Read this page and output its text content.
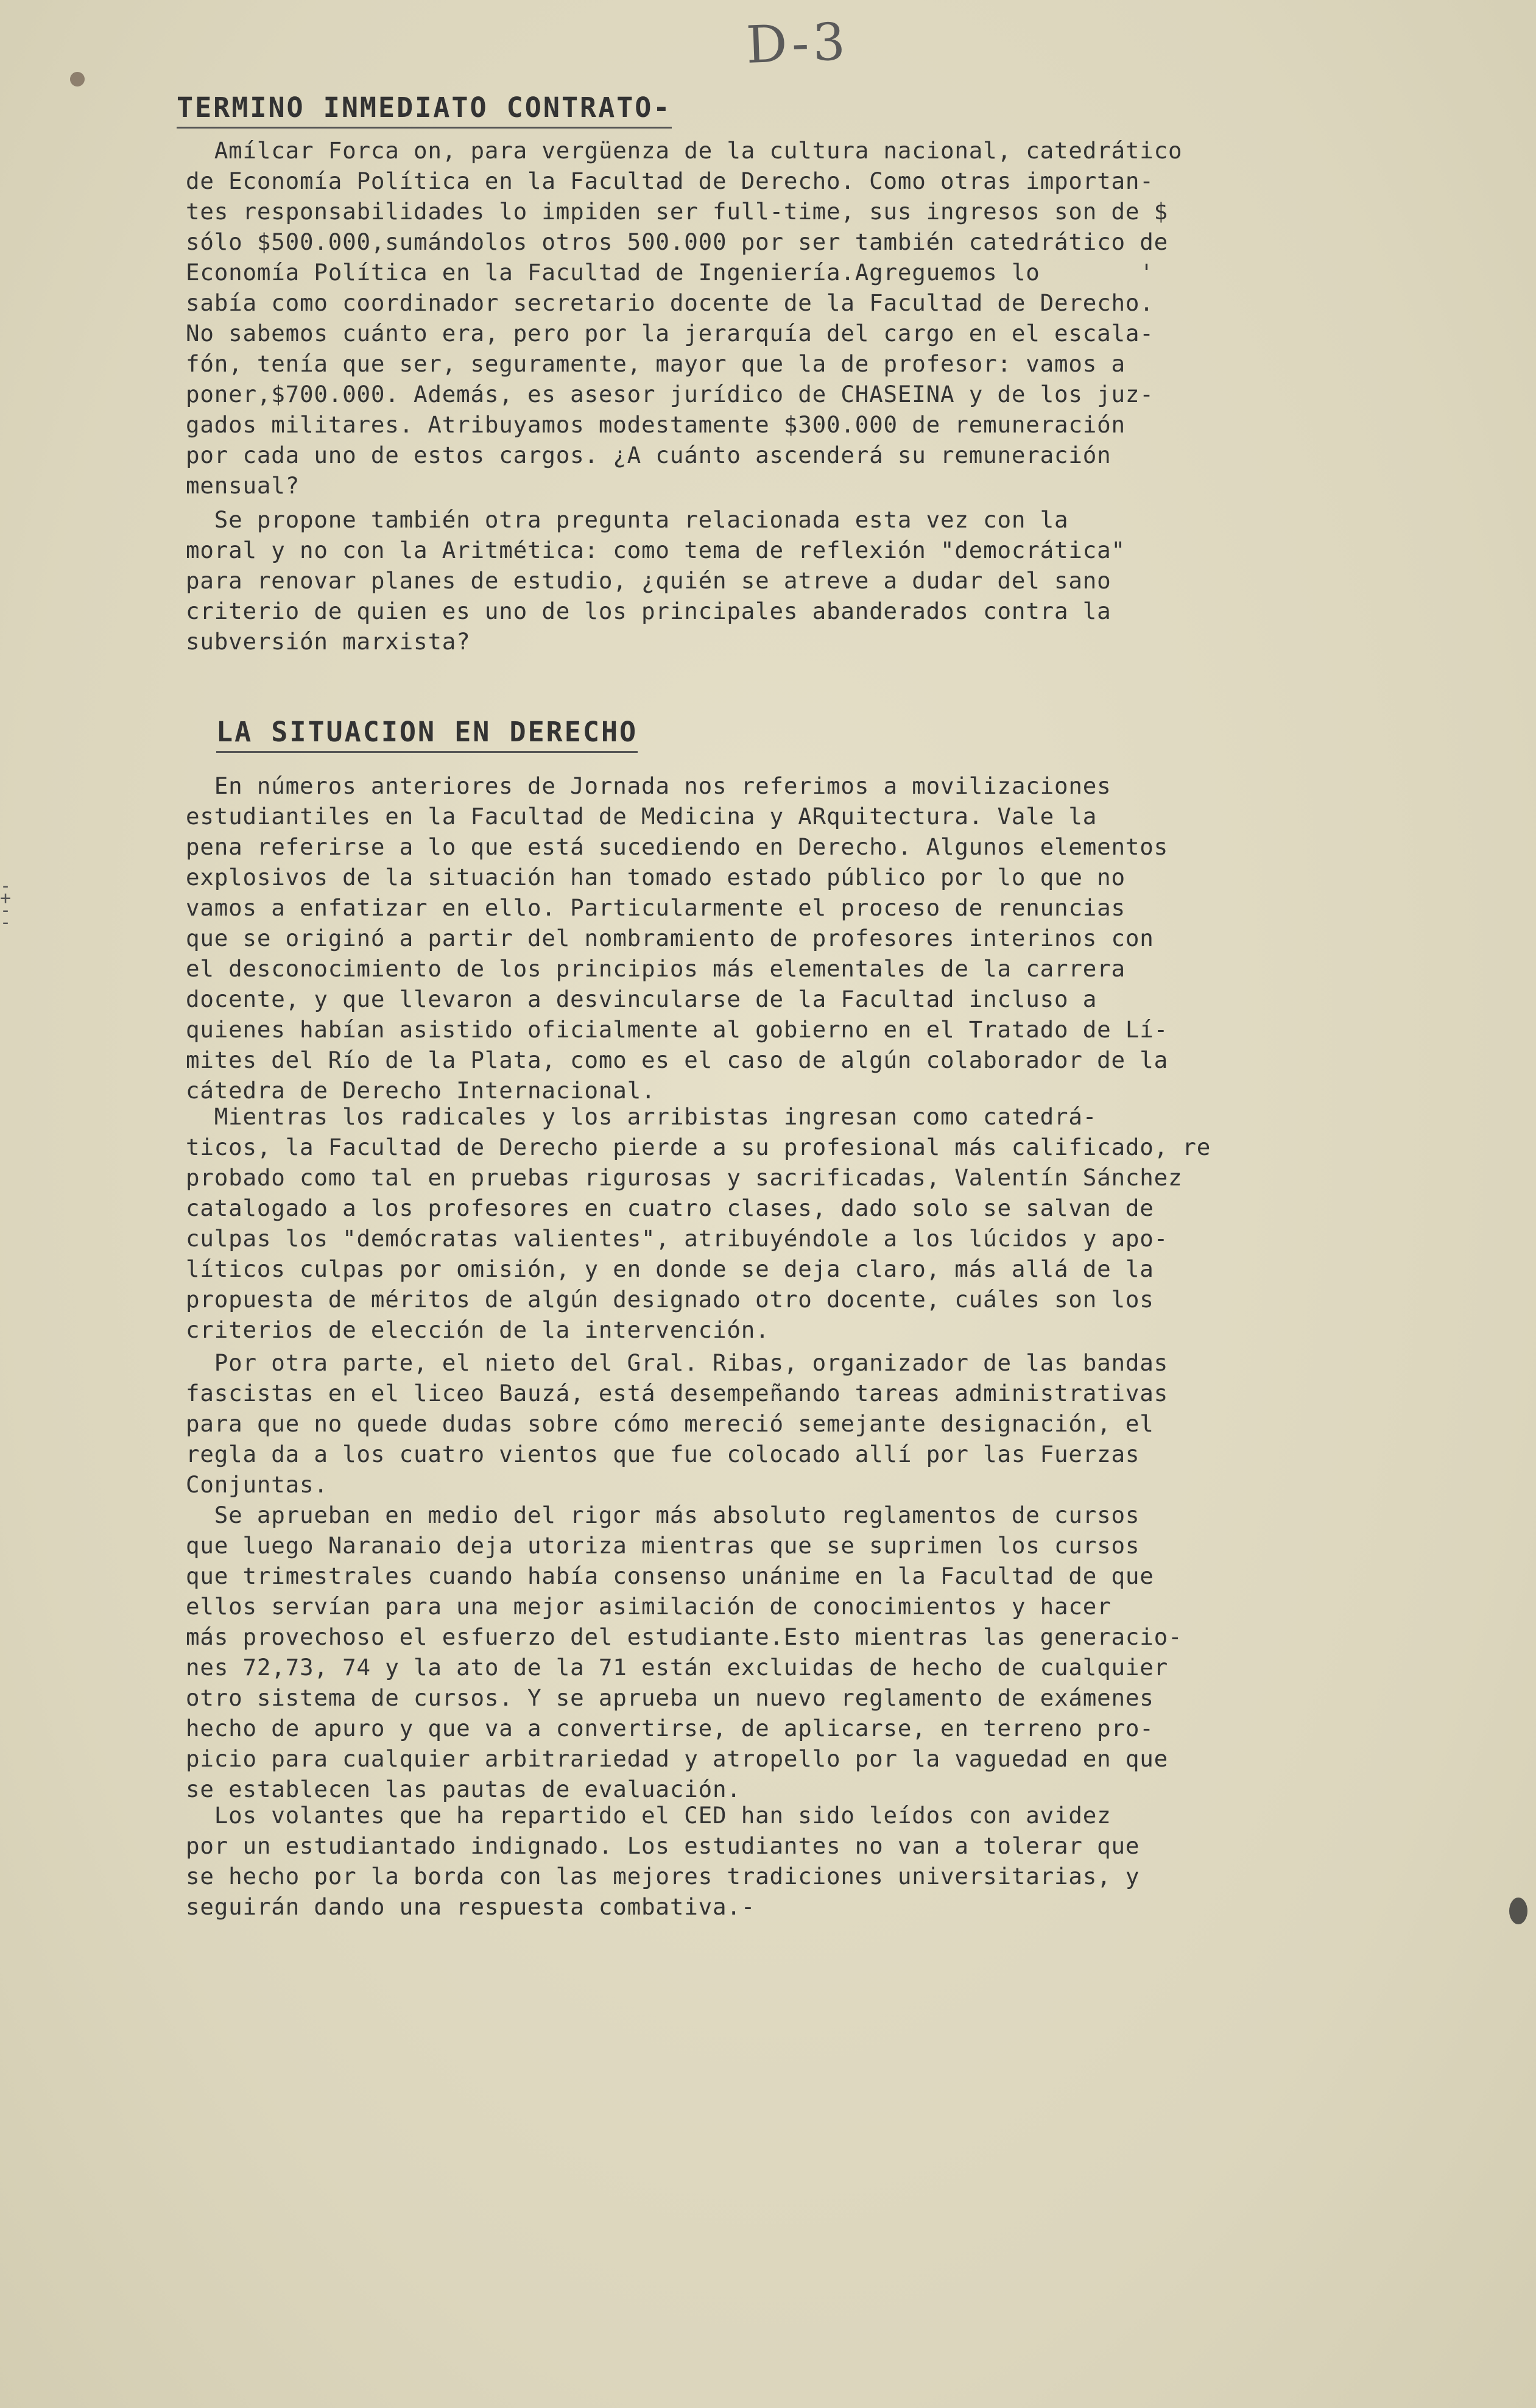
D-3
-
+
-
-
TERMINO INMEDIATO CONTRATO-

Amílcar Forca on, para vergüenza de la cultura nacional, catedrático
de Economía Política en la Facultad de Derecho. Como otras importan-
tes responsabilidades lo impiden ser full-time, sus ingresos son de $
sólo $500.000,sumándolos otros 500.000 por ser también catedrático de
Economía Política en la Facultad de Ingeniería.Agreguemos lo       '
sabía como coordinador secretario docente de la Facultad de Derecho.
No sabemos cuánto era, pero por la jerarquía del cargo en el escala-
fón, tenía que ser, seguramente, mayor que la de profesor: vamos a
poner,$700.000. Además, es asesor jurídico de CHASEINA y de los juz-
gados militares. Atribuyamos modestamente $300.000 de remuneración
por cada uno de estos cargos. ¿A cuánto ascenderá su remuneración
mensual?

Se propone también otra pregunta relacionada esta vez con la
moral y no con la Aritmética: como tema de reflexión "democrática"
para renovar planes de estudio, ¿quién se atreve a dudar del sano
criterio de quien es uno de los principales abanderados contra la
subversión marxista?

LA SITUACION EN DERECHO

En números anteriores de Jornada nos referimos a movilizaciones
estudiantiles en la Facultad de Medicina y ARquitectura. Vale la
pena referirse a lo que está sucediendo en Derecho. Algunos elementos
explosivos de la situación han tomado estado público por lo que no
vamos a enfatizar en ello. Particularmente el proceso de renuncias
que se originó a partir del nombramiento de profesores interinos con
el desconocimiento de los principios más elementales de la carrera
docente, y que llevaron a desvincularse de la Facultad incluso a
quienes habían asistido oficialmente al gobierno en el Tratado de Lí-
mites del Río de la Plata, como es el caso de algún colaborador de la
cátedra de Derecho Internacional.

Mientras los radicales y los arribistas ingresan como catedrá-
ticos, la Facultad de Derecho pierde a su profesional más calificado, re
probado como tal en pruebas rigurosas y sacrificadas, Valentín Sánchez
catalogado a los profesores en cuatro clases, dado solo se salvan de
culpas los "demócratas valientes", atribuyéndole a los lúcidos y apo-
líticos culpas por omisión, y en donde se deja claro, más allá de la
propuesta de méritos de algún designado otro docente, cuáles son los
criterios de elección de la intervención.

Por otra parte, el nieto del Gral. Ribas, organizador de las bandas
fascistas en el liceo Bauzá, está desempeñando tareas administrativas
para que no quede dudas sobre cómo mereció semejante designación, el
regla da a los cuatro vientos que fue colocado allí por las Fuerzas
Conjuntas.

Se aprueban en medio del rigor más absoluto reglamentos de cursos
que luego Naranaio deja utoriza mientras que se suprimen los cursos
que trimestrales cuando había consenso unánime en la Facultad de que
ellos servían para una mejor asimilación de conocimientos y hacer
más provechoso el esfuerzo del estudiante.Esto mientras las generacio-
nes 72,73, 74 y la ato de la 71 están excluidas de hecho de cualquier
otro sistema de cursos. Y se aprueba un nuevo reglamento de exámenes
hecho de apuro y que va a convertirse, de aplicarse, en terreno pro-
picio para cualquier arbitrariedad y atropello por la vaguedad en que
se establecen las pautas de evaluación.

Los volantes que ha repartido el CED han sido leídos con avidez
por un estudiantado indignado. Los estudiantes no van a tolerar que
se hecho por la borda con las mejores tradiciones universitarias, y
seguirán dando una respuesta combativa.-
